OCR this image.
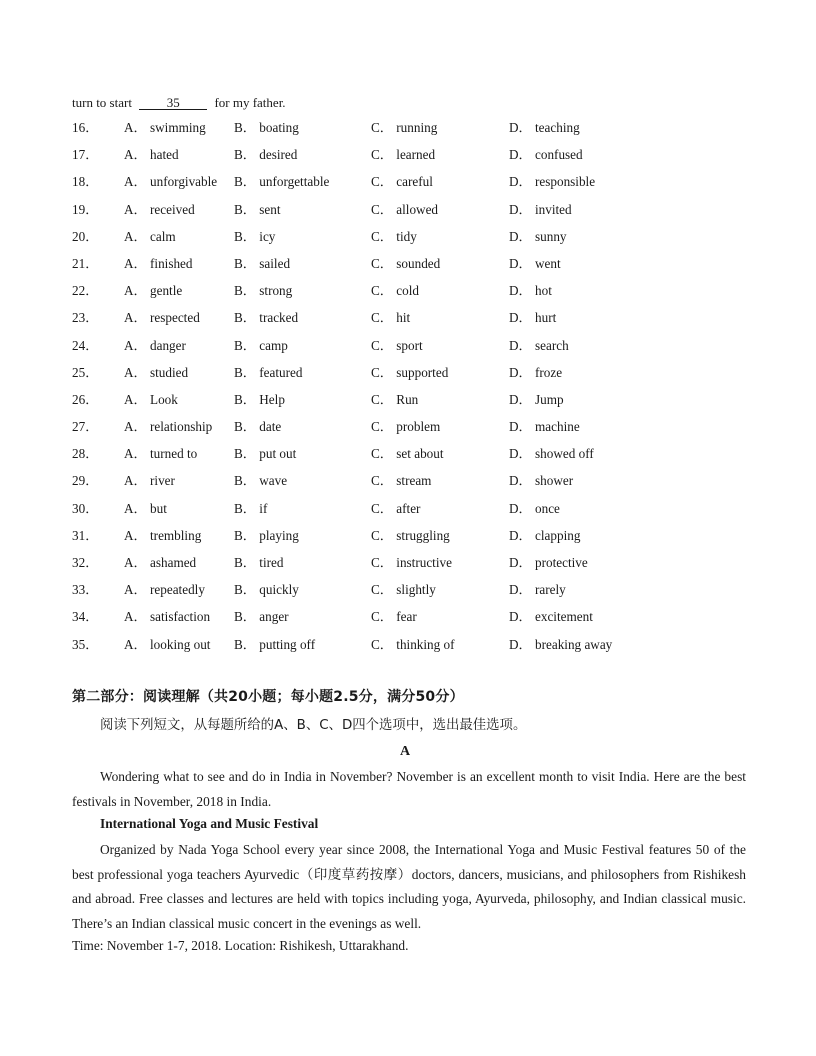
turn to start	35	for my father.
16． A． swimming B． boating	C． running	D． teaching
17． A． hated	B． desired	C． learned	D． confused
18． A． unforgivable B． unforgettable	C． careful	D． responsible
19． A． received	B． sent	C． allowed	D． invited
20． A． calm	B． icy	C． tidy	D． sunny
21． A． finished	B． sailed	C． sounded	D． went
22． A． gentle	B． strong	C． cold	D． hot
23． A． respected	B． tracked	C． hit	D． hurt
24． A． danger	B． camp	C． sport	D． search
25． A． studied	B． featured	C． supported	D． froze
26． A． Look	B． Help	C． Run	D． Jump
27． A． relationship B． date	C． problem	D． machine
28． A． turned to	B． put out	C． set about	D． showed off
29． A． river	B． wave	C． stream	D． shower
30． A． but	B． if	C． after	D． once
31． A． trembling B． playing	C． struggling	D． clapping
32． A． ashamed	B． tired	C． instructive	D． protective
33． A． repeatedly B． quickly	C． slightly	D． rarely
34． A． satisfaction B． anger	C． fear	D． excitement
35． A． looking out B． putting off	C． thinking of	D． breaking away
第二部分：阅读理解（共20小题；每小题2.5分，满分50分）
阅读下列短文，从每题所给的A、B、C、D四个选项中，选出最佳选项。
A
Wondering what to see and do in India in November? November is an excellent month to visit India. Here are the best festivals in November, 2018 in India.
International Yoga and Music Festival
Organized by Nada Yoga School every year since 2008, the International Yoga and Music Festival features 50 of the best professional yoga teachers Ayurvedic（印度草药按摩）doctors, dancers, musicians, and philosophers from Rishikesh and abroad. Free classes and lectures are held with topics including yoga, Ayurveda, philosophy, and Indian classical music. There’s an Indian classical music concert in the evenings as well.
Time: November 1-7, 2018. Location: Rishikesh, Uttarakhand.
